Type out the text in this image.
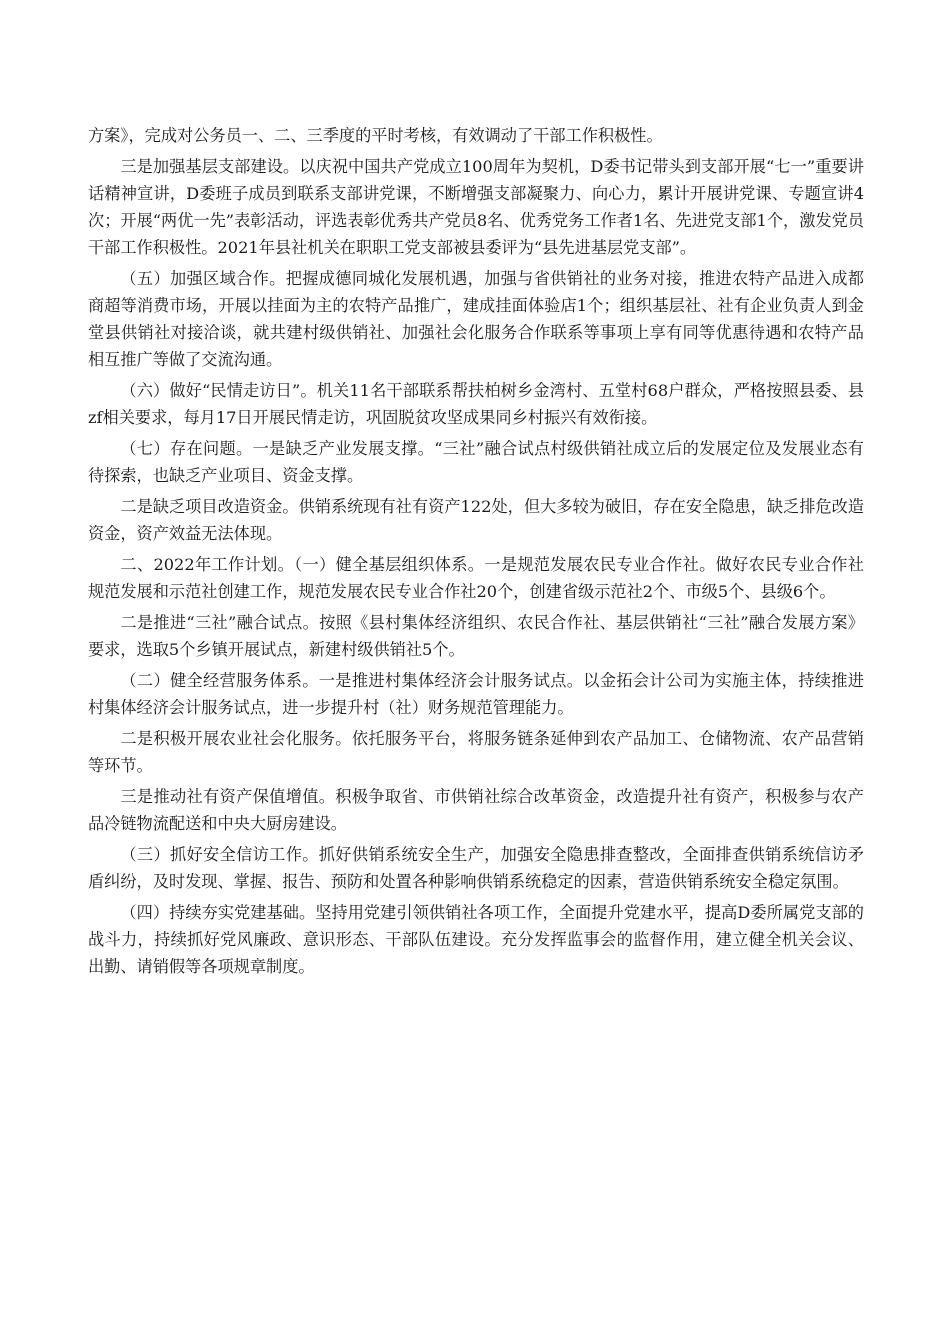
方案》，完成对公务员一、二、三季度的平时考核，有效调动了干部工作积极性。

三是加强基层支部建设。以庆祝中国共产党成立100周年为契机，D委书记带头到支部开展“七一”重要讲话精神宣讲，D委班子成员到联系支部讲党课，不断增强支部凝聚力、向心力，累计开展讲党课、专题宣讲4次；开展“两优一先”表彰活动，评选表彰优秀共产党员8名、优秀党务工作者1名、先进党支部1个，激发党员干部工作积极性。2021年县社机关在职职工党支部被县委评为“县先进基层党支部”。

（五）加强区域合作。把握成德同城化发展机遇，加强与省供销社的业务对接，推进农特产品进入成都商超等消费市场，开展以挂面为主的农特产品推广，建成挂面体验店1个；组织基层社、社有企业负责人到金堂县供销社对接洽谈，就共建村级供销社、加强社会化服务合作联系等事项上享有同等优惠待遇和农特产品相互推广等做了交流沟通。

（六）做好“民情走访日”。机关11名干部联系帮扶柏树乡金湾村、五堂村68户群众，严格按照县委、县zf相关要求，每月17日开展民情走访，巩固脱贫攻坚成果同乡村振兴有效衔接。

（七）存在问题。一是缺乏产业发展支撑。“三社”融合试点村级供销社成立后的发展定位及发展业态有待探索，也缺乏产业项目、资金支撑。

二是缺乏项目改造资金。供销系统现有社有资产122处，但大多较为破旧，存在安全隐患，缺乏排危改造资金，资产效益无法体现。

二、2022年工作计划。（一）健全基层组织体系。一是规范发展农民专业合作社。做好农民专业合作社规范发展和示范社创建工作，规范发展农民专业合作社20个，创建省级示范社2个、市级5个、县级6个。

二是推进“三社”融合试点。按照《县村集体经济组织、农民合作社、基层供销社“三社”融合发展方案》要求，选取5个乡镇开展试点，新建村级供销社5个。

（二）健全经营服务体系。一是推进村集体经济会计服务试点。以金拓会计公司为实施主体，持续推进村集体经济会计服务试点，进一步提升村（社）财务规范管理能力。

二是积极开展农业社会化服务。依托服务平台，将服务链条延伸到农产品加工、仓储物流、农产品营销等环节。

三是推动社有资产保值增值。积极争取省、市供销社综合改革资金，改造提升社有资产，积极参与农产品冷链物流配送和中央大厨房建设。

（三）抓好安全信访工作。抓好供销系统安全生产，加强安全隐患排查整改，全面排查供销系统信访矛盾纠纷，及时发现、掌握、报告、预防和处置各种影响供销系统稳定的因素，营造供销系统安全稳定氛围。

（四）持续夯实党建基础。坚持用党建引领供销社各项工作，全面提升党建水平，提高D委所属党支部的战斗力，持续抓好党风廉政、意识形态、干部队伍建设。充分发挥监事会的监督作用，建立健全机关会议、出勤、请销假等各项规章制度。
